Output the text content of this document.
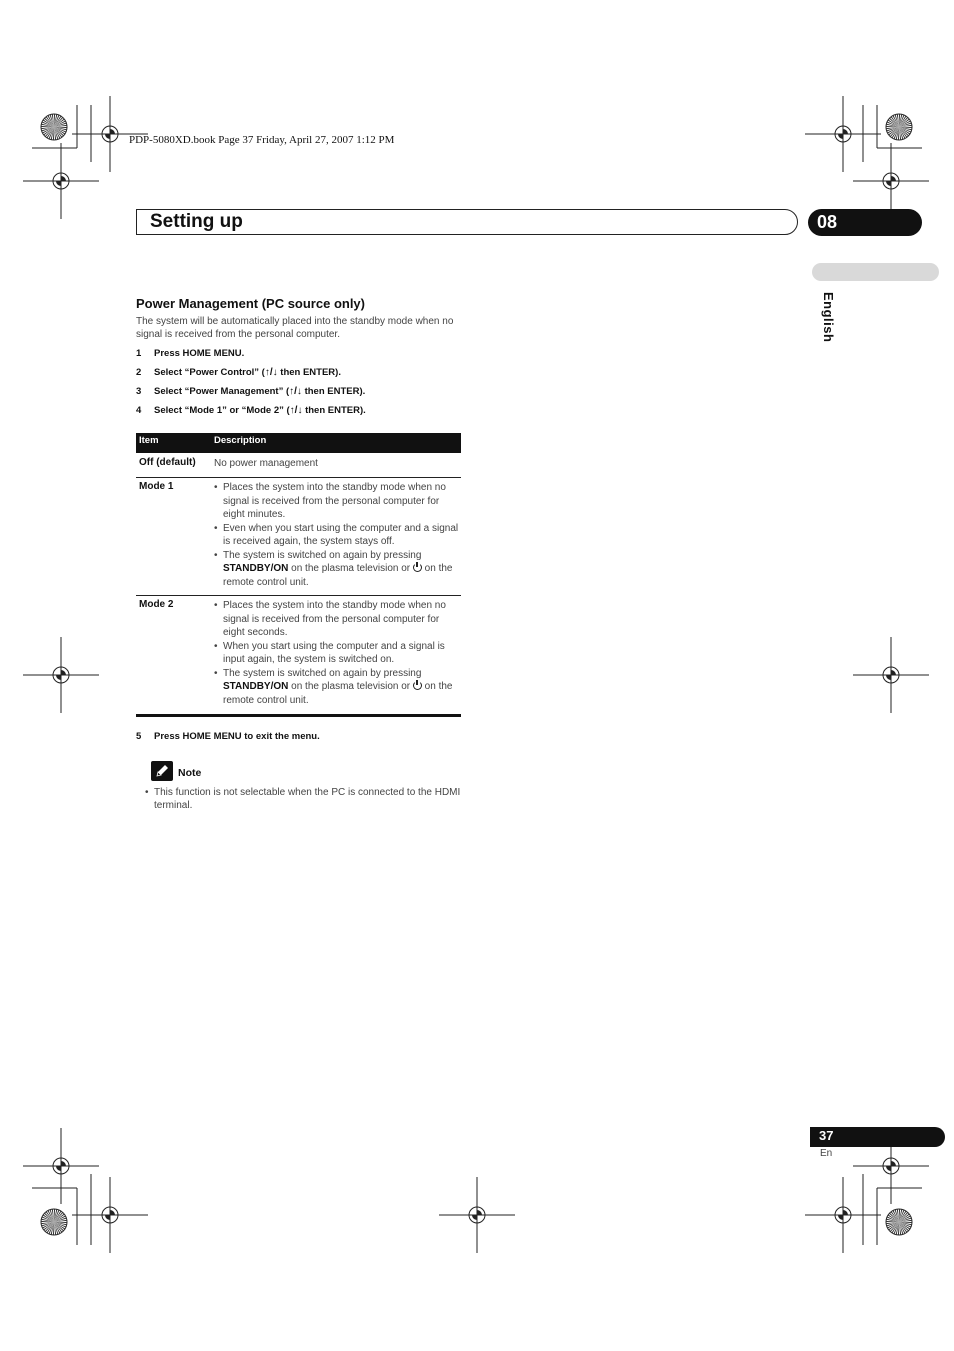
PDP-5080XD.book Page 37 Friday, April 27, 2007 1:12 PM
Setting up	08
English
Power Management (PC source only)
The system will be automatically placed into the standby mode when no signal is received from the personal computer.
1 Press HOME MENU.
2 Select “Power Control” (↑/↓ then ENTER).
3 Select “Power Management” (↑/↓ then ENTER).
4 Select “Mode 1” or “Mode 2” (↑/↓ then ENTER).
Item	Description
Off (default) No power management
Mode 1	• Places the system into the standby mode when no signal is received from the personal computer for eight minutes.
• Even when you start using the computer and a signal is received again, the system stays off.
• The system is switched on again by pressing STANDBY/ON on the plasma television or  on the remote control unit.
Mode 2	• Places the system into the standby mode when no signal is received from the personal computer for eight seconds.
• When you start using the computer and a signal is input again, the system is switched on.
• The system is switched on again by pressing STANDBY/ON on the plasma television or  on the remote control unit.
5 Press HOME MENU to exit the menu.
Note
• This function is not selectable when the PC is connected to the HDMI terminal.
37
En
